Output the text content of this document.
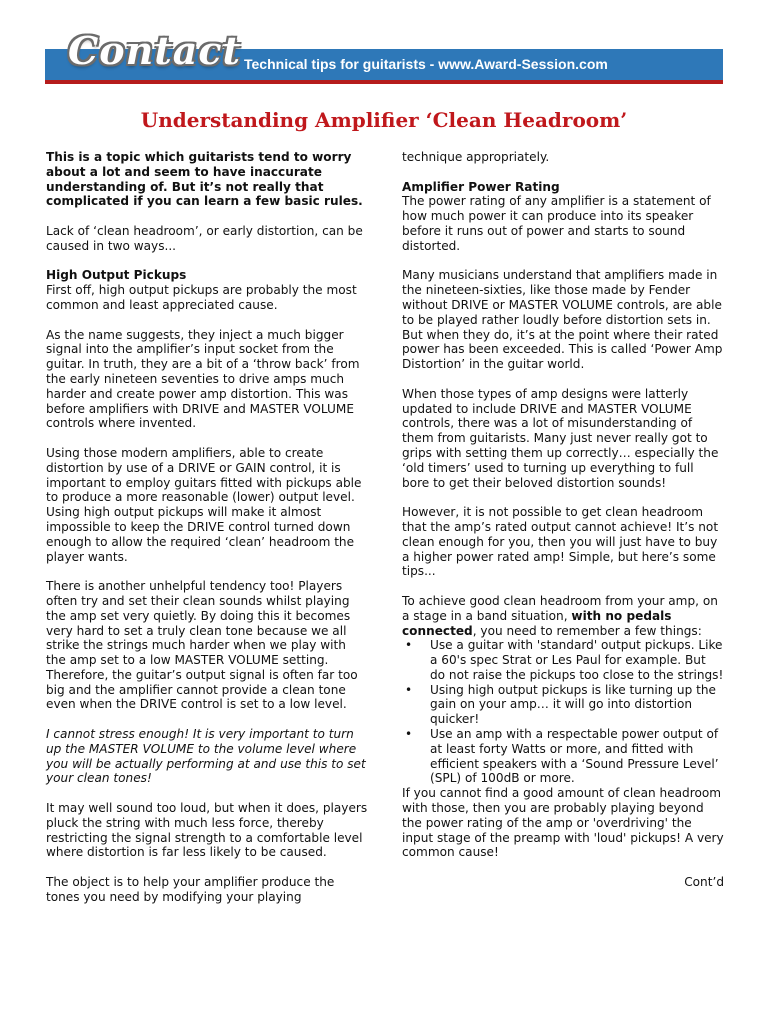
Contact Technical tips for guitarists - www.Award-Session.com
Understanding Amplifier ‘Clean Headroom’

This is a topic which guitarists tend to worry about a lot and seem to have inaccurate understanding of. But it’s not really that complicated if you can learn a few basic rules.

Lack of ‘clean headroom’, or early distortion, can be caused in two ways...

High Output Pickups
First off, high output pickups are probably the most common and least appreciated cause.

As the name suggests, they inject a much bigger signal into the amplifier’s input socket from the guitar. In truth, they are a bit of a ‘throw back’ from the early nineteen seventies to drive amps much harder and create power amp distortion. This was before amplifiers with DRIVE and MASTER VOLUME controls where invented.

Using those modern amplifiers, able to create distortion by use of a DRIVE or GAIN control, it is important to employ guitars fitted with pickups able to produce a more reasonable (lower) output level. Using high output pickups will make it almost impossible to keep the DRIVE control turned down enough to allow the required ‘clean’ headroom the player wants.

There is another unhelpful tendency too! Players often try and set their clean sounds whilst playing the amp set very quietly. By doing this it becomes very hard to set a truly clean tone because we all strike the strings much harder when we play with the amp set to a low MASTER VOLUME setting. Therefore, the guitar’s output signal is often far too big and the amplifier cannot provide a clean tone even when the DRIVE control is set to a low level.

I cannot stress enough! It is very important to turn up the MASTER VOLUME to the volume level where you will be actually performing at and use this to set your clean tones!

It may well sound too loud, but when it does, players pluck the string with much less force, thereby restricting the signal strength to a comfortable level where distortion is far less likely to be caused.

The object is to help your amplifier produce the tones you need by modifying your playing

technique appropriately.

Amplifier Power Rating
The power rating of any amplifier is a statement of how much power it can produce into its speaker before it runs out of power and starts to sound distorted.

Many musicians understand that amplifiers made in the nineteen-sixties, like those made by Fender without DRIVE or MASTER VOLUME controls, are able to be played rather loudly before distortion sets in. But when they do, it’s at the point where their rated power has been exceeded. This is called ‘Power Amp Distortion’ in the guitar world.

When those types of amp designs were latterly updated to include DRIVE and MASTER VOLUME controls, there was a lot of misunderstanding of them from guitarists. Many just never really got to grips with setting them up correctly… especially the ‘old timers’ used to turning up everything to full bore to get their beloved distortion sounds!

However, it is not possible to get clean headroom that the amp’s rated output cannot achieve! It’s not clean enough for you, then you will just have to buy a higher power rated amp! Simple, but here’s some tips...

To achieve good clean headroom from your amp, on a stage in a band situation, with no pedals connected, you need to remember a few things:

• Use a guitar with 'standard' output pickups. Like a 60's spec Strat or Les Paul for example. But do not raise the pickups too close to the strings!
• Using high output pickups is like turning up the gain on your amp… it will go into distortion quicker!
• Use an amp with a respectable power output of at least forty Watts or more, and fitted with efficient speakers with a ‘Sound Pressure Level’ (SPL) of 100dB or more.

If you cannot find a good amount of clean headroom with those, then you are probably playing beyond the power rating of the amp or 'overdriving' the input stage of the preamp with 'loud' pickups! A very common cause!

Cont’d
